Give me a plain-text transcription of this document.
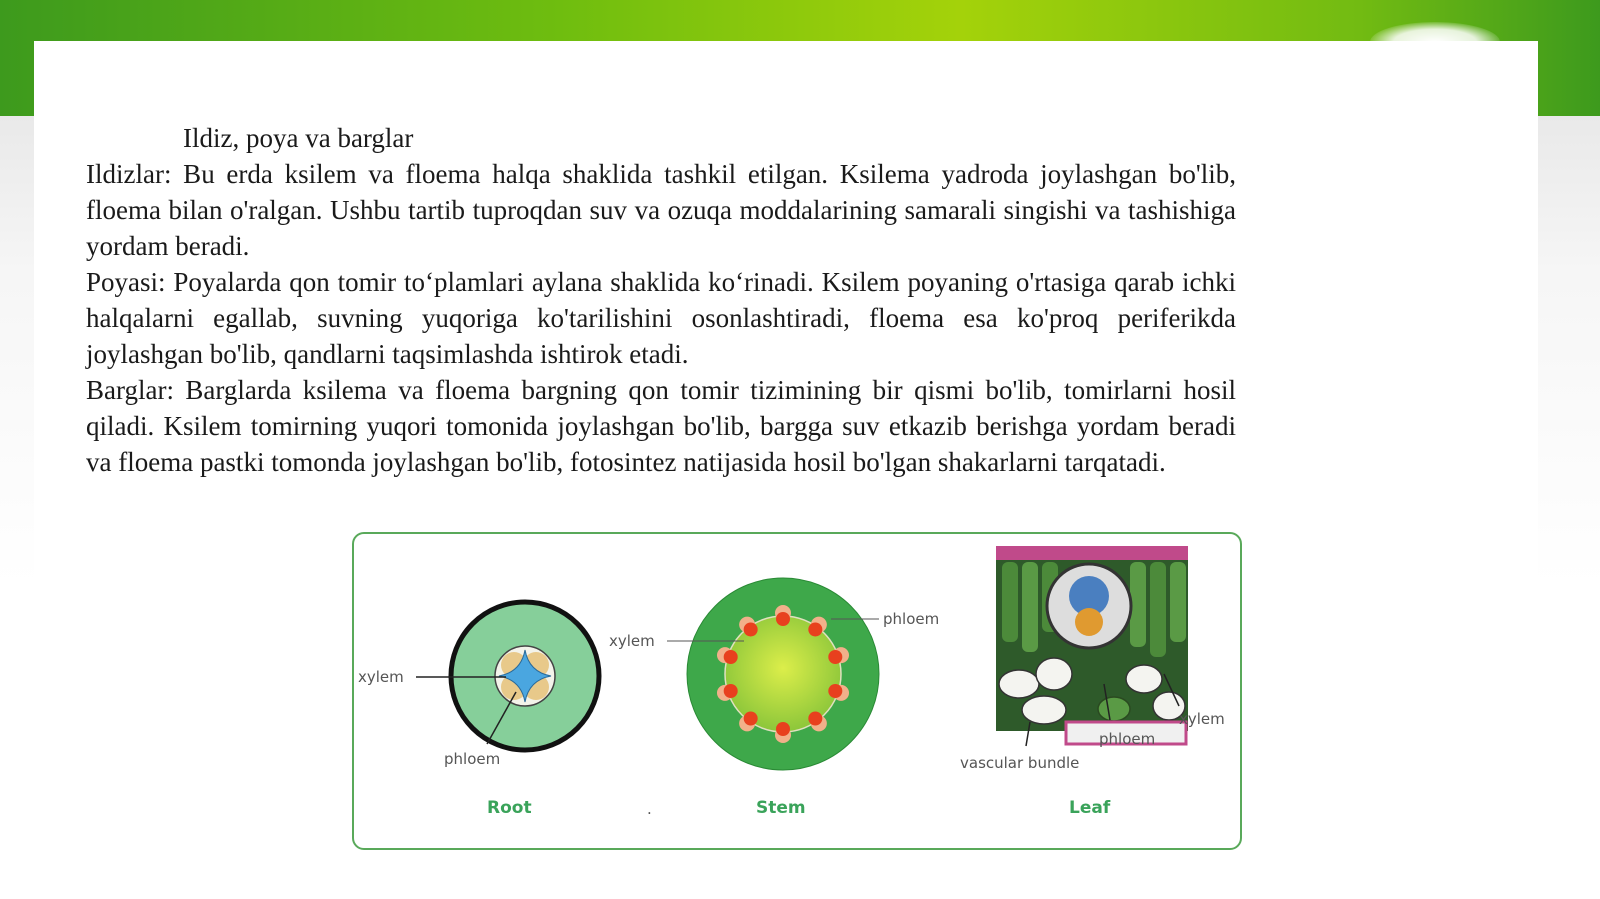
Ildiz, poya va barglar

Ildizlar: Bu erda ksilem va floema halqa shaklida tashkil etilgan. Ksilema yadroda joylashgan bo'lib, floema bilan o'ralgan. Ushbu tartib tuproqdan suv va ozuqa moddalarining samarali singishi va tashishiga yordam beradi.

Poyasi: Poyalarda qon tomir to‘plamlari aylana shaklida ko‘rinadi. Ksilem poyaning o'rtasiga qarab ichki halqalarni egallab, suvning yuqoriga ko'tarilishini osonlashtiradi, floema esa ko'proq periferikda joylashgan bo'lib, qandlarni taqsimlashda ishtirok etadi.

Barglar: Barglarda ksilema va floema bargning qon tomir tizimining bir qismi bo'lib, tomirlarni hosil qiladi. Ksilem tomirning yuqori tomonida joylashgan bo'lib, bargga suv etkazib berishga yordam beradi va floema pastki tomonda joylashgan bo'lib, fotosintez natijasida hosil bo'lgan shakarlarni tarqatadi.

xylem
phloem
Root	.
phloem
xylem
Stem
xylem
phloem
vascular bundle
Leaf
